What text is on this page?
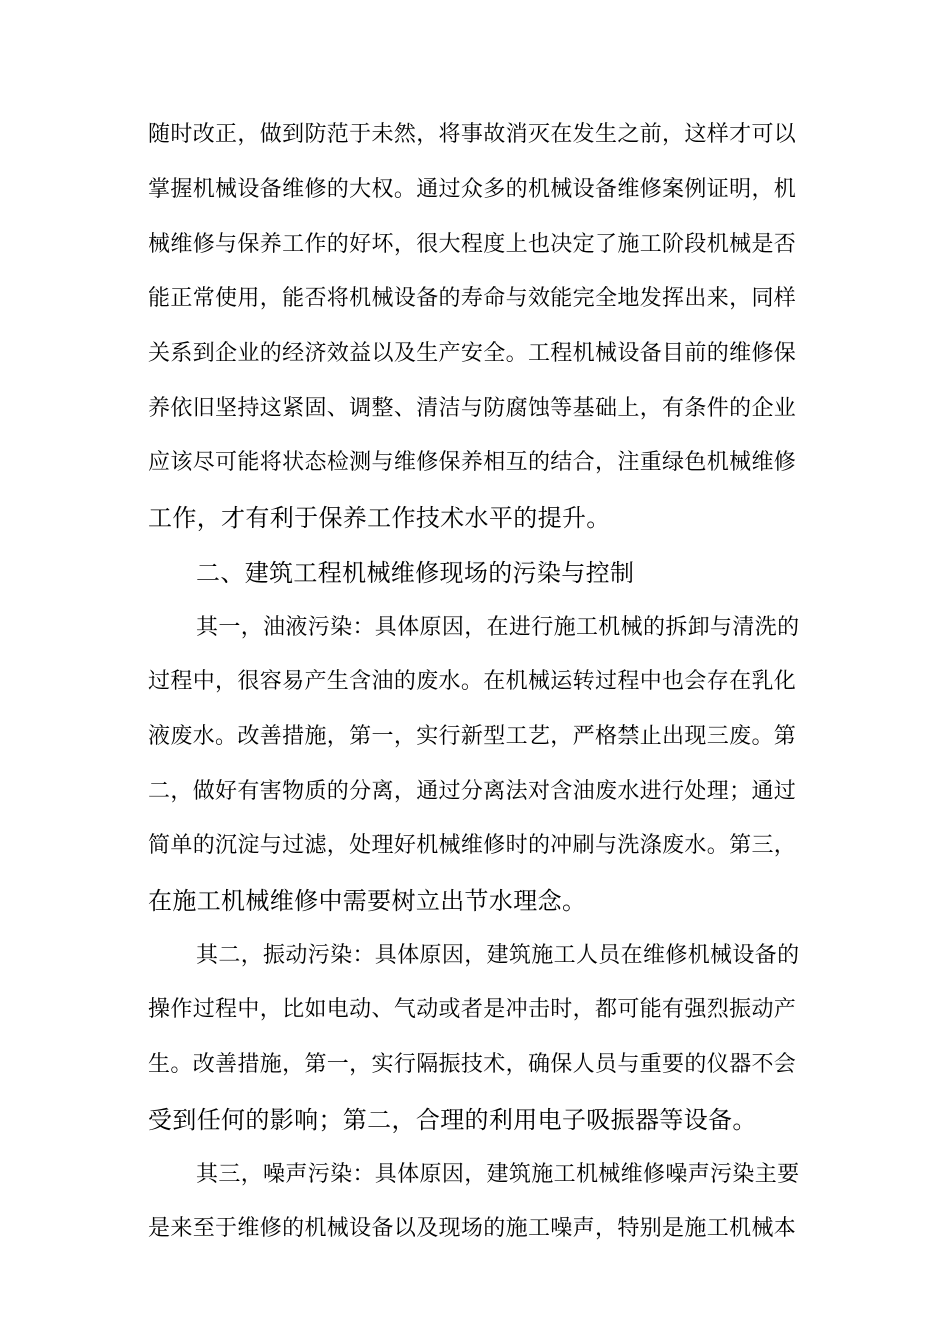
随时改正，做到防范于未然，将事故消灭在发生之前，这样才可以
掌握机械设备维修的大权。通过众多的机械设备维修案例证明，机
械维修与保养工作的好坏，很大程度上也决定了施工阶段机械是否
能正常使用，能否将机械设备的寿命与效能完全地发挥出来，同样
关系到企业的经济效益以及生产安全。工程机械设备目前的维修保
养依旧坚持这紧固、调整、清洁与防腐蚀等基础上，有条件的企业
应该尽可能将状态检测与维修保养相互的结合，注重绿色机械维修
工作，才有利于保养工作技术水平的提升。
二、建筑工程机械维修现场的污染与控制
其一，油液污染：具体原因，在进行施工机械的拆卸与清洗的
过程中，很容易产生含油的废水。在机械运转过程中也会存在乳化
液废水。改善措施，第一，实行新型工艺，严格禁止出现三废。第
二，做好有害物质的分离，通过分离法对含油废水进行处理；通过
简单的沉淀与过滤，处理好机械维修时的冲刷与洗涤废水。第三，
在施工机械维修中需要树立出节水理念。
其二，振动污染：具体原因，建筑施工人员在维修机械设备的
操作过程中，比如电动、气动或者是冲击时，都可能有强烈振动产
生。改善措施，第一，实行隔振技术，确保人员与重要的仪器不会
受到任何的影响；第二，合理的利用电子吸振器等设备。
其三，噪声污染：具体原因，建筑施工机械维修噪声污染主要
是来至于维修的机械设备以及现场的施工噪声，特别是施工机械本
